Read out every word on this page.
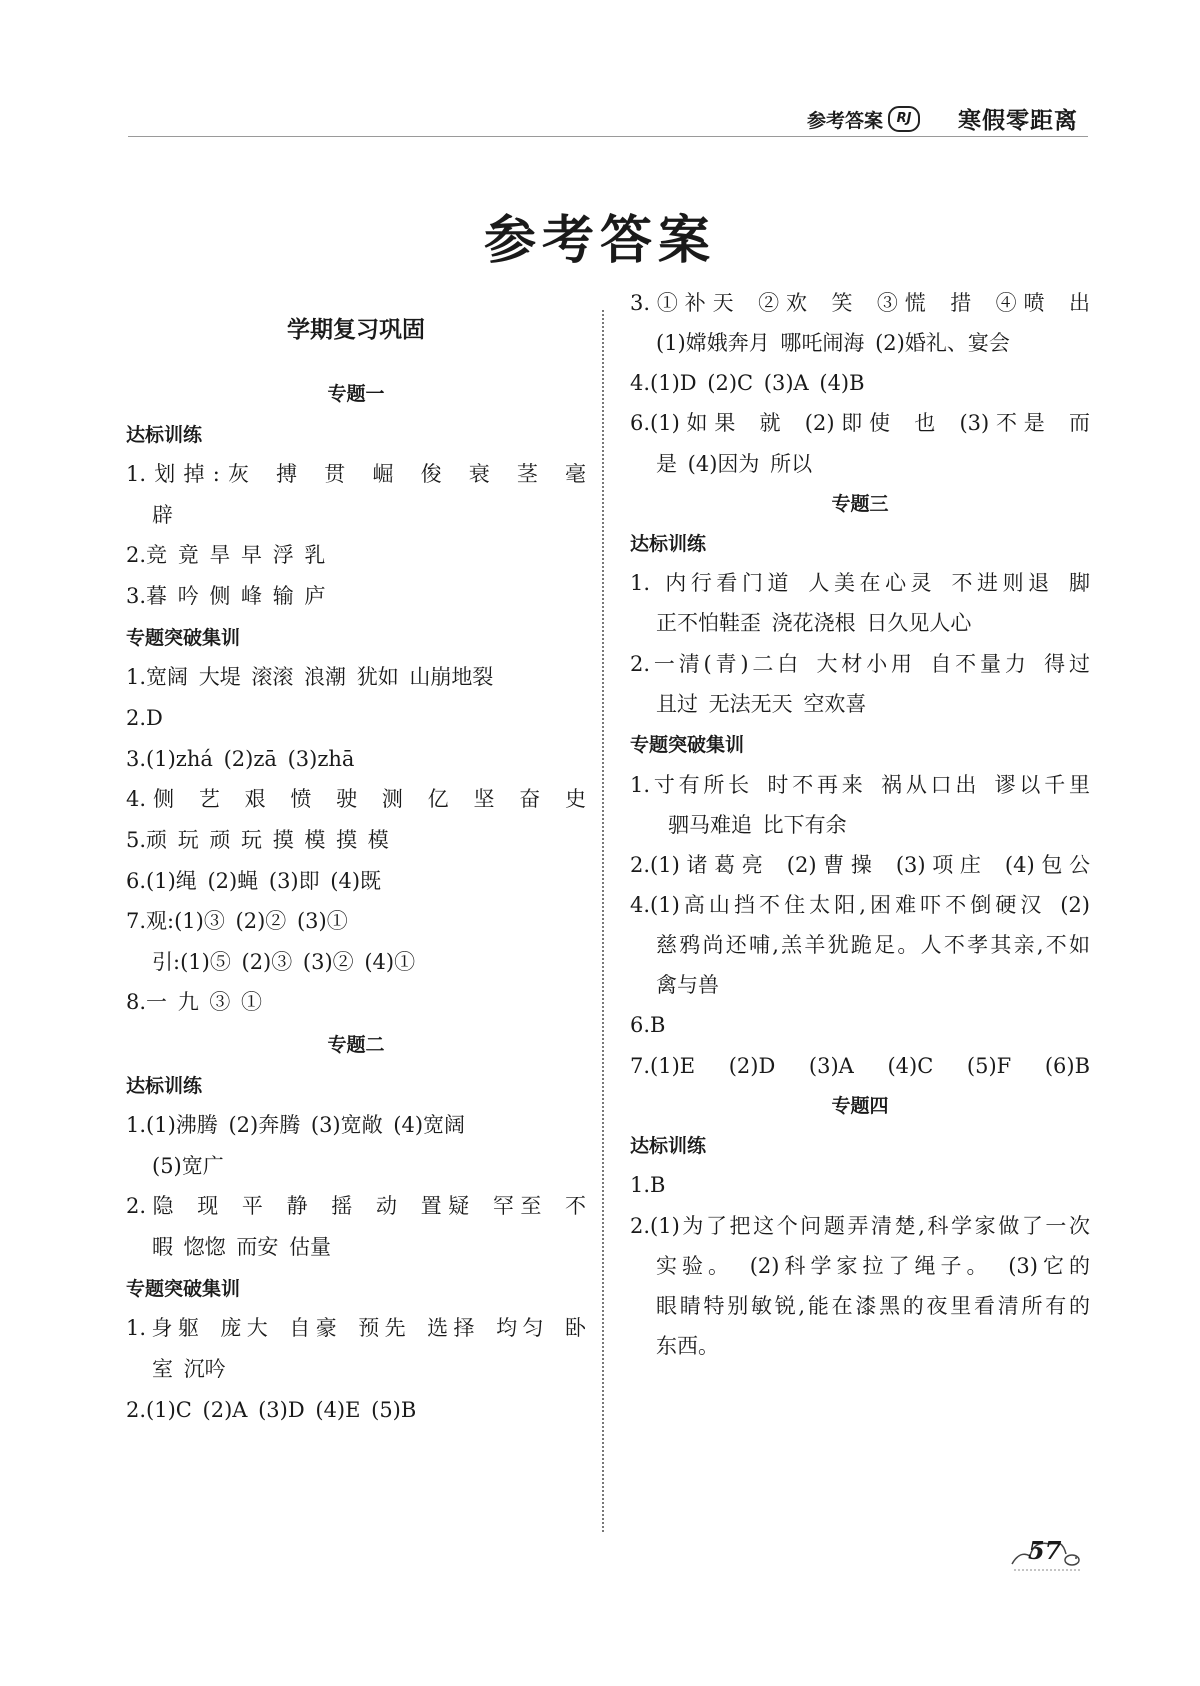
参考答案	RJ	寒假零距离
参考答案
学期复习巩固
专题一
达标训练
1.划掉:灰 搏 贯 崛 俊 衰 茎 毫
辟
2.竞 竟 旱 早 浮 乳
3.暮 吟 侧 峰 输 庐
专题突破集训
1.宽阔 大堤 滚滚 浪潮 犹如 山崩地裂
2.D
3.(1)zhá (2)zā (3)zhā
4.侧 艺 艰 愤 驶 测 亿 坚 奋 史
5.顽 玩 顽 玩 摸 模 摸 模
6.(1)绳 (2)蝇 (3)即 (4)既
7.观:(1)③ (2)② (3)①
引:(1)⑤ (2)③ (3)② (4)①
8.一 九 ③ ①
专题二
达标训练
1.(1)沸腾 (2)奔腾 (3)宽敞 (4)宽阔
(5)宽广
2.隐 现 平 静 摇 动 置疑 罕至 不
暇 惚惚 而安 估量
专题突破集训
1.身躯 庞大 自豪 预先 选择 均匀 卧
室 沉吟
2.(1)C (2)A (3)D (4)E (5)B
3.①补天 ②欢 笑 ③慌 措 ④喷 出
(1)嫦娥奔月 哪吒闹海 (2)婚礼、宴会
4.(1)D (2)C (3)A (4)B
6.(1)如果 就 (2)即使 也 (3)不是 而
是 (4)因为 所以
专题三
达标训练
1. 内行看门道 人美在心灵 不进则退 脚
正不怕鞋歪 浇花浇根 日久见人心
2.一清(青)二白 大材小用 自不量力 得过
且过 无法无天 空欢喜
专题突破集训
1.寸有所长 时不再来 祸从口出 谬以千里
驷马难追 比下有余
2.(1)诸葛亮 (2)曹操 (3)项庄 (4)包公
4.(1)高山挡不住太阳,困难吓不倒硬汉 (2)
慈鸦尚还哺,羔羊犹跪足。人不孝其亲,不如
禽与兽
6.B
7.(1)E (2)D (3)A (4)C (5)F (6)B
专题四
达标训练
1.B
2.(1)为了把这个问题弄清楚,科学家做了一次
实验。 (2)科学家拉了绳子。 (3)它的
眼睛特别敏锐,能在漆黑的夜里看清所有的
东西。
57
